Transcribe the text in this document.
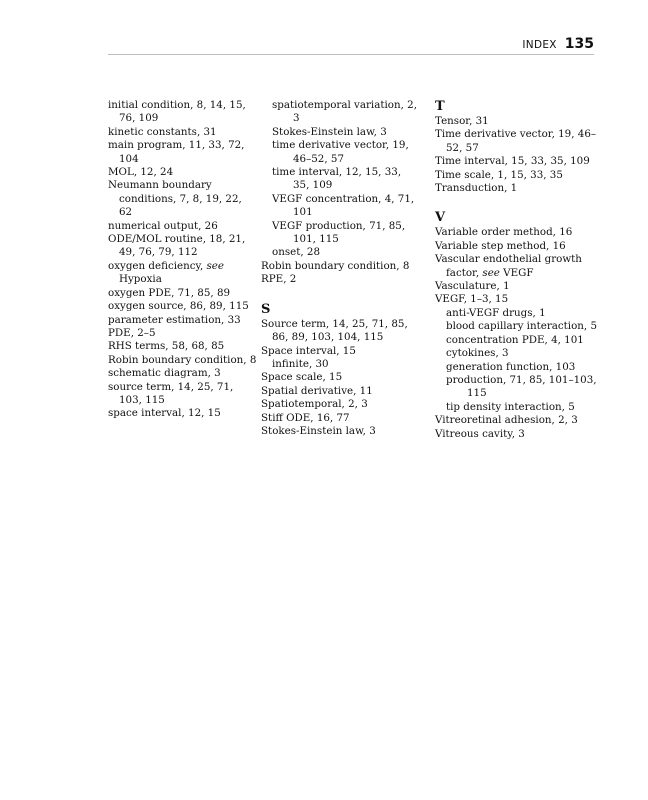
INDEX 135

initial condition, 8, 14, 15, 76, 109

kinetic constants, 31

main program, 11, 33, 72, 104

MOL, 12, 24

Neumann boundary conditions, 7, 8, 19, 22, 62

numerical output, 26

ODE/MOL routine, 18, 21, 49, 76, 79, 112

oxygen deficiency, see Hypoxia

oxygen PDE, 71, 85, 89

oxygen source, 86, 89, 115

parameter estimation, 33

PDE, 2–5

RHS terms, 58, 68, 85

Robin boundary condition, 8

schematic diagram, 3

source term, 14, 25, 71, 103, 115

space interval, 12, 15

spatiotemporal variation, 2, 3

Stokes-Einstein law, 3

time derivative vector, 19, 46–52, 57

time interval, 12, 15, 33, 35, 109

VEGF concentration, 4, 71, 101

VEGF production, 71, 85, 101, 115

onset, 28

Robin boundary condition, 8

RPE, 2

S

Source term, 14, 25, 71, 85, 86, 89, 103, 104, 115

Space interval, 15

infinite, 30

Space scale, 15

Spatial derivative, 11

Spatiotemporal, 2, 3

Stiff ODE, 16, 77

Stokes-Einstein law, 3

T

Tensor, 31

Time derivative vector, 19, 46–52, 57

Time interval, 15, 33, 35, 109

Time scale, 1, 15, 33, 35

Transduction, 1

V

Variable order method, 16

Variable step method, 16

Vascular endothelial growth factor, see VEGF

Vasculature, 1

VEGF, 1–3, 15

anti-VEGF drugs, 1

blood capillary interaction, 5

concentration PDE, 4, 101

cytokines, 3

generation function, 103

production, 71, 85, 101–103, 115

tip density interaction, 5

Vitreoretinal adhesion, 2, 3

Vitreous cavity, 3
